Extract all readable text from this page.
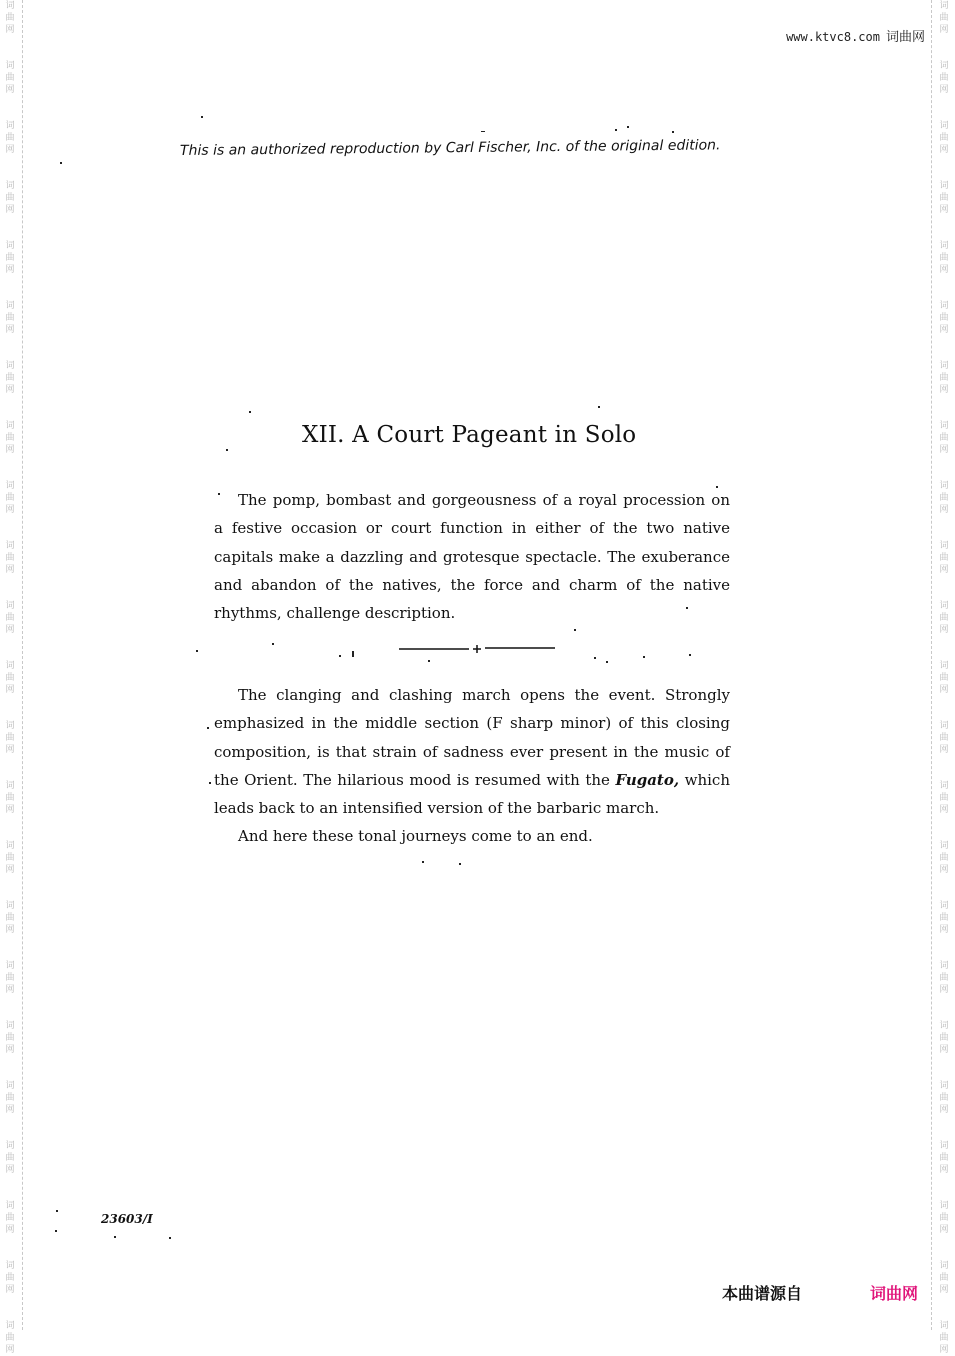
词
曲
网
词
曲
网
词
曲
网
词
曲
网
词
曲
网
词
曲
网
词
曲
网
词
曲
网
词
曲
网
词
曲
网
词
曲
网
词
曲
网
词
曲
网
词
曲
网
词
曲
网
词
曲
网
词
曲
网
词
曲
网
词
曲
网
词
曲
网
词
曲
网
词
曲
网
词
曲
网
词
曲
网
词
曲
网
词
曲
网
词
曲
网
词
曲
网
词
曲
网
词
曲
网
词
曲
网
词
曲
网
词
曲
网
词
曲
网
词
曲
网
词
曲
网
词
曲
网
词
曲
网
词
曲
网
词
曲
网
词
曲
网
词
曲
网
词
曲
网
词
曲
网
词
曲
网
词
曲
网
www.ktvc8.com 词曲网
This is an authorized reproduction by Carl Fischer, Inc. of the original edition.
XII. A Court Pageant in Solo

The pomp, bombast and gorgeousness of a royal procession on a festive occasion or court function in either of the two native capitals make a dazzling and grotesque spectacle. The exuberance and abandon of the natives, the force and charm of the native rhythms, challenge description.

The clanging and clashing march opens the event. Strongly emphasized in the middle section (F sharp minor) of this closing composition, is that strain of sadness ever present in the music of the Orient. The hilarious mood is resumed with the Fugato, which leads back to an intensified version of the barbaric march.

And here these tonal journeys come to an end.

23603/I
本曲谱源自	词曲网
